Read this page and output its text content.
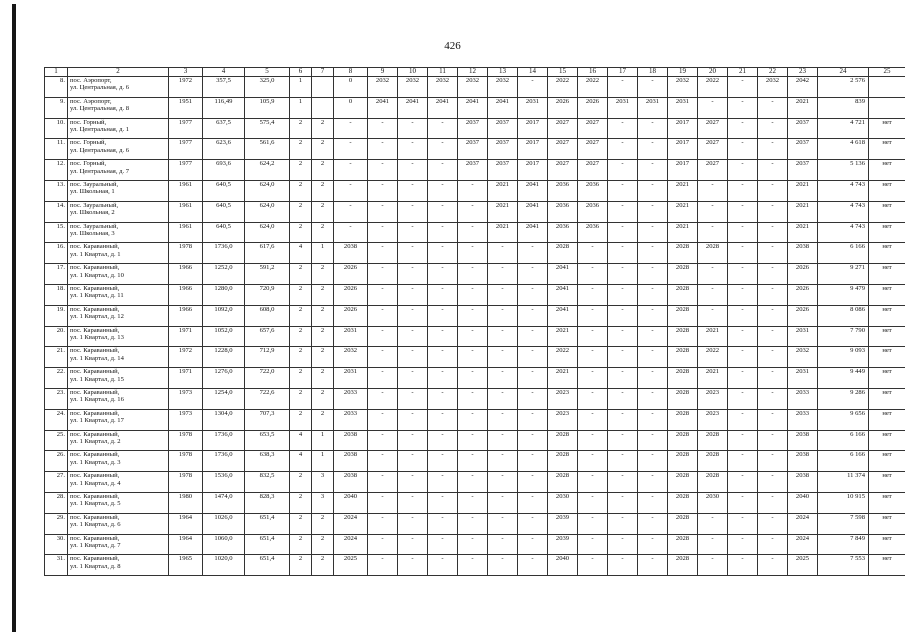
426
1	2	3	4	5	6	7	8	9	10	11	12	13	14	15	16	17	18	19	20	21	22	23	24	25
8.	пос. Аэропорт,
ул. Центральная, д. 6	1972	357,5	325,0	1		0	2032	2032	2032	2032	2032	-	2022	2022	-	-	2032	2022	-	2032	2042	2 576	
9.	пос. Аэропорт,
ул. Центральная, д. 8	1951	116,49	105,9	1		0	2041	2041	2041	2041	2041	2031	2026	2026	2031	2031	2031	-	-	-	2021	839	
10.	пос. Горный,
ул. Центральная, д. 1	1977	637,5	575,4	2	2	-	-	-	-	2037	2037	2017	2027	2027	-	-	2017	2027	-	-	2037	4 721	нет
11.	пос. Горный,
ул. Центральная, д. 6	1977	623,6	561,6	2	2	-	-	-	-	2037	2037	2017	2027	2027	-	-	2017	2027	-	-	2037	4 618	нет
12.	пос. Горный,
ул. Центральная, д. 7	1977	693,6	624,2	2	2	-	-	-	-	2037	2037	2017	2027	2027	-	-	2017	2027	-	-	2037	5 136	нет
13.	пос. Зауральный,
ул. Школьная, 1	1961	640,5	624,0	2	2	-	-	-	-	-	2021	2041	2036	2036	-	-	2021	-	-	-	2021	4 743	нет
14.	пос. Зауральный,
ул. Школьная, 2	1961	640,5	624,0	2	2	-	-	-	-	-	2021	2041	2036	2036	-	-	2021	-	-	-	2021	4 743	нет
15.	пос. Зауральный,
ул. Школьная, 3	1961	640,5	624,0	2	2	-	-	-	-	-	2021	2041	2036	2036	-	-	2021	-	-	-	2021	4 743	нет
16.	пос. Караванный,
ул. 1 Квартал, д. 1	1978	1736,0	617,6	4	1	2038	-	-	-	-	-	-	2028	-	-	-	2028	2028	-	-	2038	6 166	нет
17.	пос. Караванный,
ул. 1 Квартал, д. 10	1966	1252,0	591,2	2	2	2026	-	-	-	-	-	-	2041	-	-	-	2028	-	-	-	2026	9 271	нет
18.	пос. Караванный,
ул. 1 Квартал, д. 11	1966	1280,0	720,9	2	2	2026	-	-	-	-	-	-	2041	-	-	-	2028	-	-	-	2026	9 479	нет
19.	пос. Караванный,
ул. 1 Квартал, д. 12	1966	1092,0	608,0	2	2	2026	-	-	-	-	-	-	2041	-	-	-	2028	-	-	-	2026	8 086	нет
20.	пос. Караванный,
ул. 1 Квартал, д. 13	1971	1052,0	657,6	2	2	2031	-	-	-	-	-	-	2021	-	-	-	2028	2021	-	-	2031	7 790	нет
21.	пос. Караванный,
ул. 1 Квартал, д. 14	1972	1228,0	712,9	2	2	2032	-	-	-	-	-	-	2022	-	-	-	2028	2022	-	-	2032	9 093	нет
22.	пос. Караванный,
ул. 1 Квартал, д. 15	1971	1276,0	722,0	2	2	2031	-	-	-	-	-	-	2021	-	-	-	2028	2021	-	-	2031	9 449	нет
23.	пос. Караванный,
ул. 1 Квартал, д. 16	1973	1254,0	722,6	2	2	2033	-	-	-	-	-	-	2023	-	-	-	2028	2023	-	-	2033	9 286	нет
24.	пос. Караванный,
ул. 1 Квартал, д. 17	1973	1304,0	707,3	2	2	2033	-	-	-	-	-	-	2023	-	-	-	2028	2023	-	-	2033	9 656	нет
25.	пос. Караванный,
ул. 1 Квартал, д. 2	1978	1736,0	653,5	4	1	2038	-	-	-	-	-	-	2028	-	-	-	2028	2028	-	-	2038	6 166	нет
26.	пос. Караванный,
ул. 1 Квартал, д. 3	1978	1736,0	638,3	4	1	2038	-	-	-	-	-	-	2028	-	-	-	2028	2028	-	-	2038	6 166	нет
27.	пос. Караванный,
ул. 1 Квартал, д. 4	1978	1536,0	832,5	2	3	2038	-	-	-	-	-	-	2028	-	-	-	2028	2028	-	-	2038	11 374	нет
28.	пос. Караванный,
ул. 1 Квартал, д. 5	1980	1474,0	828,3	2	3	2040	-	-	-	-	-	-	2030	-	-	-	2028	2030	-	-	2040	10 915	нет
29.	пос. Караванный,
ул. 1 Квартал, д. 6	1964	1026,0	651,4	2	2	2024	-	-	-	-	-	-	2039	-	-	-	2028	-	-	-	2024	7 598	нет
30.	пос. Караванный,
ул. 1 Квартал, д. 7	1964	1060,0	651,4	2	2	2024	-	-	-	-	-	-	2039	-	-	-	2028	-	-	-	2024	7 849	нет
31.	пос. Караванный,
ул. 1 Квартал, д. 8	1965	1020,0	651,4	2	2	2025	-	-	-	-	-	-	2040	-	-	-	2028	-	-	-	2025	7 553	нет
